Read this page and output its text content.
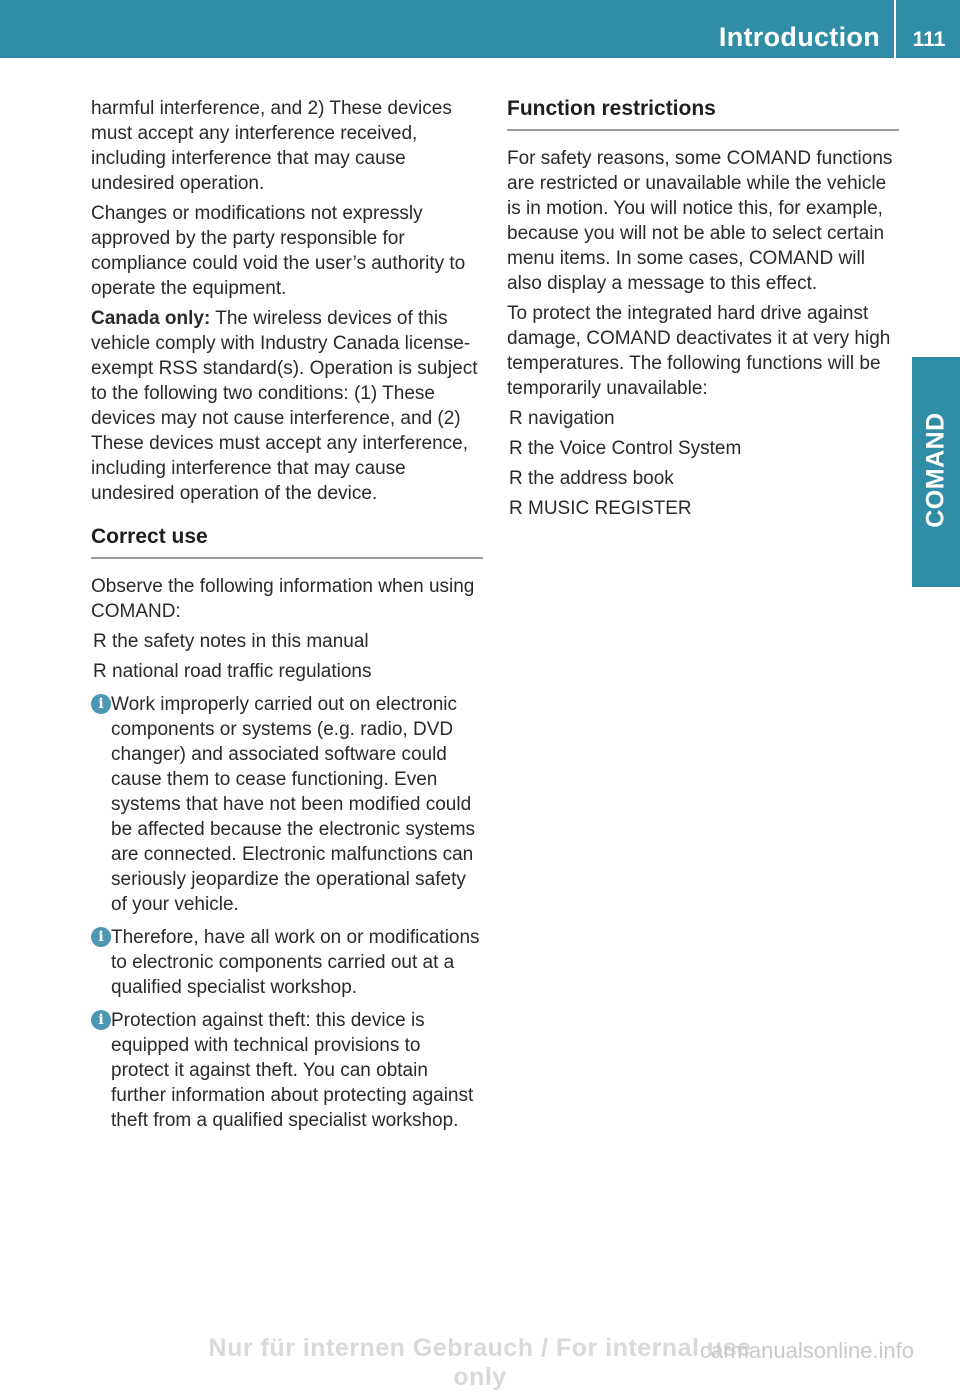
Introduction	111
COMAND

harmful interference, and 2) These devices must accept any interference received, including interference that may cause undesired operation.

Changes or modifications not expressly approved by the party responsible for compliance could void the user’s authority to operate the equipment.

Canada only: The wireless devices of this vehicle comply with Industry Canada license-exempt RSS standard(s). Operation is subject to the following two conditions: (1) These devices may not cause interference, and (2) These devices must accept any interference, including interference that may cause undesired operation of the device.

Correct use

Observe the following information when using COMAND:

R the safety notes in this manual
R national road traffic regulations
i Work improperly carried out on electronic components or systems (e.g. radio, DVD changer) and associated software could cause them to cease functioning. Even systems that have not been modified could be affected because the electronic systems are connected. Electronic malfunctions can seriously jeopardize the operational safety of your vehicle.
i Therefore, have all work on or modifications to electronic components carried out at a qualified specialist workshop.
i Protection against theft: this device is equipped with technical provisions to protect it against theft. You can obtain further information about protecting against theft from a qualified specialist workshop.
Function restrictions

For safety reasons, some COMAND functions are restricted or unavailable while the vehicle is in motion. You will notice this, for example, because you will not be able to select certain menu items. In some cases, COMAND will also display a message to this effect.

To protect the integrated hard drive against damage, COMAND deactivates it at very high temperatures. The following functions will be temporarily unavailable:

R navigation
R the Voice Control System
R the address book
R MUSIC REGISTER
Nur für internen Gebrauch / For internal use only
carmanualsonline.info
